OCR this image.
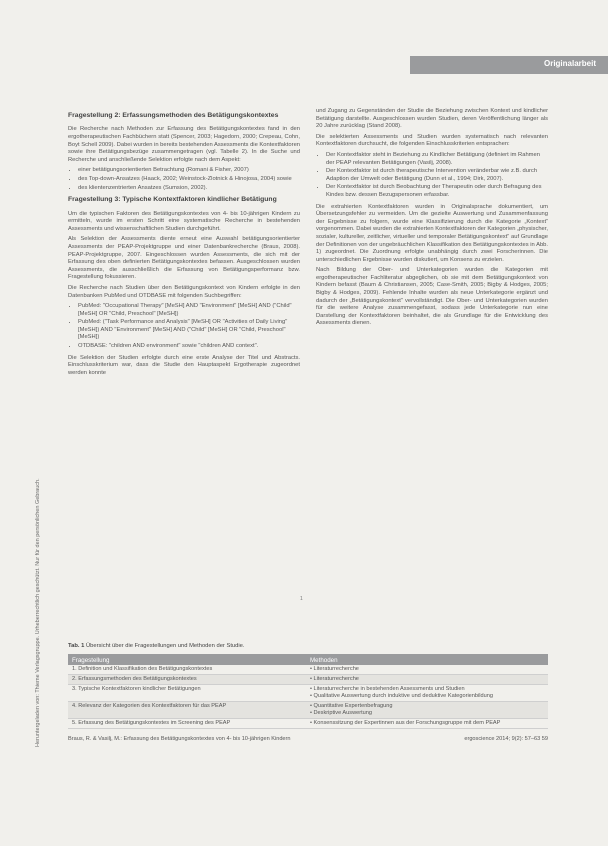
Originalarbeit
Heruntergeladen von: Thieme Verlagsgruppe. Urheberrechtlich geschützt. Nur für den persönlichen Gebrauch.
Fragestellung 2: Erfassungsmethoden des Betätigungskontextes

Die Recherche nach Methoden zur Erfassung des Betätigungskontextes fand in den ergotherapeutischen Fachbüchern statt (Spencer, 2003; Hagedorn, 2000; Crepeau, Cohn, Boyt Schell 2009). Dabei wurden in bereits bestehenden Assessments die Kontextfaktoren sowie ihre Betätigungsbezüge zusammengetragen (vgl. Tabelle 2). In die Suche und Recherche und anschließende Selektion erfolgte nach dem Aspekt:

• einer betätigungsorientierten Betrachtung (Romani & Fisher, 2007)
• des Top-down-Ansatzes (Haack, 2002; Weinstock-Zlotnick & Hinojosa, 2004) sowie
• des klientenzentrierten Ansatzes (Sumsion, 2002).
Fragestellung 3: Typische Kontextfaktoren kindlicher Betätigung

Um die typischen Faktoren des Betätigungskontextes von 4- bis 10-jährigen Kindern zu ermitteln, wurde im ersten Schritt eine systematische Recherche in bestehenden Assessments und wissenschaftlichen Studien durchgeführt.

Als Selektion der Assessments diente erneut eine Auswahl betätigungsorientierter Assessments der PEAP-Projektgruppe und einer Datenbankrecherche (Braus, 2008). PEAP-Projektgruppe, 2007. Eingeschlossen wurden Assessments, die sich mit der Erfassung des oben definierten Betätigungskontextes befassen. Ausgeschlossen wurden Assessments, die ausschließlich die Erfassung von Betätigungsperformanz bzw. Fragestellung fokussieren.

Die Recherche nach Studien über den Betätigungskontext von Kindern erfolgte in den Datenbanken PubMed und OTDBASE mit folgenden Suchbegriffen:

• PubMed: "Occupational Therapy" [MeSH] AND "Environment" [MeSH] AND ("Child" [MeSH] OR "Child, Preschool" [MeSH])
• PubMed: ("Task Performance and Analysis" [MeSH] OR "Activities of Daily Living" [MeSH]) AND "Environment" [MeSH] AND ("Child" [MeSH] OR "Child, Preschool" [MeSH])
• OTDBASE: "children AND environment" sowie "children AND context".

Die Selektion der Studien erfolgte durch eine erste Analyse der Titel und Abstracts. Einschlusskriterium war, dass die Studie den Hauptaspekt Ergotherapie zugeordnet werden konnte

und Zugang zu Gegenständen der Studie die Beziehung zwischen Kontext und kindlicher Betätigung darstellte. Ausgeschlossen wurden Studien, deren Veröffentlichung länger als 20 Jahre zurücklag (Stand 2008).

Die selektierten Assessments und Studien wurden systematisch nach relevanten Kontextfaktoren durchsucht, die folgenden Einschlusskriterien entsprachen:

• Der Kontextfaktor steht in Beziehung zu Kindlicher Betätigung (definiert im Rahmen der PEAP relevanten Betätigungen (Vasilj, 2008).
• Der Kontextfaktor ist durch therapeutische Intervention veränderbar wie z.B. durch Adaption der Umwelt oder Betätigung (Dunn et al., 1994; Dirk, 2007).
• Der Kontextfaktor ist durch Beobachtung der Therapeutin oder durch Befragung des Kindes bzw. dessen Bezugspersonen erfassbar.

Die extrahierten Kontextfaktoren wurden in Originalsprache dokumentiert, um Übersetzungsfehler zu vermeiden. Um die gezielte Auswertung und Zusammenfassung der Ergebnisse zu folgern, wurde eine Klassifizierung durch die Kategorie „Kontext“ vorgenommen. Dabei wurden die extrahierten Kontextfaktoren der Kategorien „physischer, sozialer, kultureller, zeitlicher, virtueller und temporaler Betätigungskontext“ auf Grundlage der Definitionen von der ungebräuchlichen Klassifikation des Betätigungskontextes in Abb. 1) zugeordnet. Die Zuordnung erfolgte unabhängig durch zwei Forscherinnen. Die unterschiedlichen Ergebnisse wurden diskutiert, um Konsens zu erzielen.

Nach Bildung der Ober- und Unterkategorien wurden die Kategorien mit ergotherapeutischer Fachliteratur abgeglichen, ob sie mit dem Betätigungskontext von Kindern befasst (Baum & Christiansen, 2005; Case-Smith, 2005; Bigby & Hodges, 2005; Bigby & Hodges, 2009). Fehlende Inhalte wurden als neue Unterkategorie ergänzt und dadurch der „Betätigungskontext“ vervollständigt. Die Ober- und Unterkategorien wurden für die weitere Analyse zusammengefasst, sodass jede Unterkategorie nun eine Darstellung der Kontextfaktoren beinhaltet, die als Grundlage für die Entwicklung des Assessments dienen.

1
Tab. 1 Übersicht über die Fragestellungen und Methoden der Studie.
Fragestellung	Methoden
1. Definition und Klassifikation des Betätigungskontextes	• Literaturrecherche
2. Erfassungsmethoden des Betätigungskontextes	• Literaturrecherche
3. Typische Kontextfaktoren kindlicher Betätigungen	• Literaturrecherche in bestehenden Assessments und Studien
• Qualitative Auswertung durch induktive und deduktive Kategorienbildung
4. Relevanz der Kategorien des Kontextfaktoren für das PEAP	• Quantitative Expertenbefragung
• Deskriptive Auswertung
5. Erfassung des Betätigungskontextes im Screening des PEAP	• Konsenssitzung der Expertinnen aus der Forschungsgruppe mit dem PEAP
Braus, R. & Vasilj, M.: Erfassung des Betätigungskontextes von 4- bis 10-jährigen Kindern	ergoscience 2014; 9(2): 57–63 59
